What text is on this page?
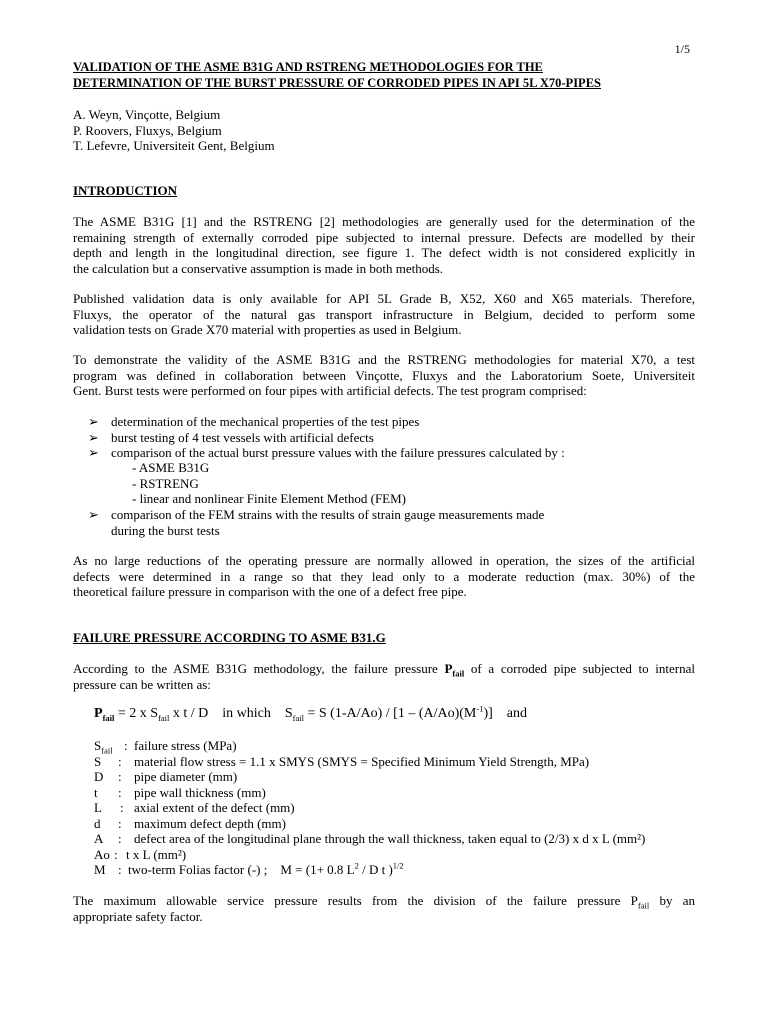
1/5
VALIDATION OF THE ASME B31G AND RSTRENG METHODOLOGIES FOR THE
DETERMINATION OF THE BURST PRESSURE OF CORRODED PIPES IN API 5L X70-PIPES
A. Weyn, Vinçotte, Belgium
P. Roovers, Fluxys, Belgium
T. Lefevre, Universiteit Gent, Belgium
INTRODUCTION
The ASME B31G [1] and the RSTRENG [2] methodologies are generally used for the determination of the
remaining strength of externally corroded pipe subjected to internal pressure. Defects are modelled by their
depth and length in the longitudinal direction, see figure 1. The defect width is not considered explicitly in
the calculation but a conservative assumption is made in both methods.
Published validation data is only available for API 5L Grade B, X52, X60 and X65 materials. Therefore,
Fluxys, the operator of the natural gas transport infrastructure in Belgium, decided to perform some
validation tests on Grade X70 material with properties as used in Belgium.
To demonstrate the validity of the ASME B31G and the RSTRENG methodologies for material X70, a test
program was defined in collaboration between Vinçotte, Fluxys and the Laboratorium Soete, Universiteit
Gent. Burst tests were performed on four pipes with artificial defects. The test program comprised:
➢ determination of the mechanical properties of the test pipes
➢ burst testing of 4 test vessels with artificial defects
➢ comparison of the actual burst pressure values with the failure pressures calculated by :
- ASME B31G
- RSTRENG
- linear and nonlinear Finite Element Method (FEM)
➢ comparison of the FEM strains with the results of strain gauge measurements made
during the burst tests
As no large reductions of the operating pressure are normally allowed in operation, the sizes of the artificial
defects were determined in a range so that they lead only to a moderate reduction (max. 30%) of the
theoretical failure pressure in comparison with the one of a defect free pipe.
FAILURE PRESSURE ACCORDING TO ASME B31.G
According to the ASME B31G methodology, the failure pressure $P_{fail}$ of a corroded pipe subjected to internal
pressure can be written as:
$P_{fail} = 2$ x $S_{fail}$ x t / D    in which    $S_{fail} = S$ $(1-A/Ao) / [1 - (A/Ao)(M^{-1})]$    and
$S_{fail}$ : failure stress (MPa)
S : material flow stress = 1.1 x SMYS (SMYS = Specified Minimum Yield Strength, MPa)
D : pipe diameter (mm)
t : pipe wall thickness (mm)
L : axial extent of the defect (mm)
d : maximum defect depth (mm)
A : defect area of the longitudinal plane through the wall thickness, taken equal to (2/3) x d x L (mm²)
Ao : t x L (mm²)
M : two-term Folias factor (-) ;    M = (1+ 0.8 $L^2$ / D t )$^{1/2}$
The maximum allowable service pressure results from the division of the failure pressure $P_{fail}$ by an
appropriate safety factor.
